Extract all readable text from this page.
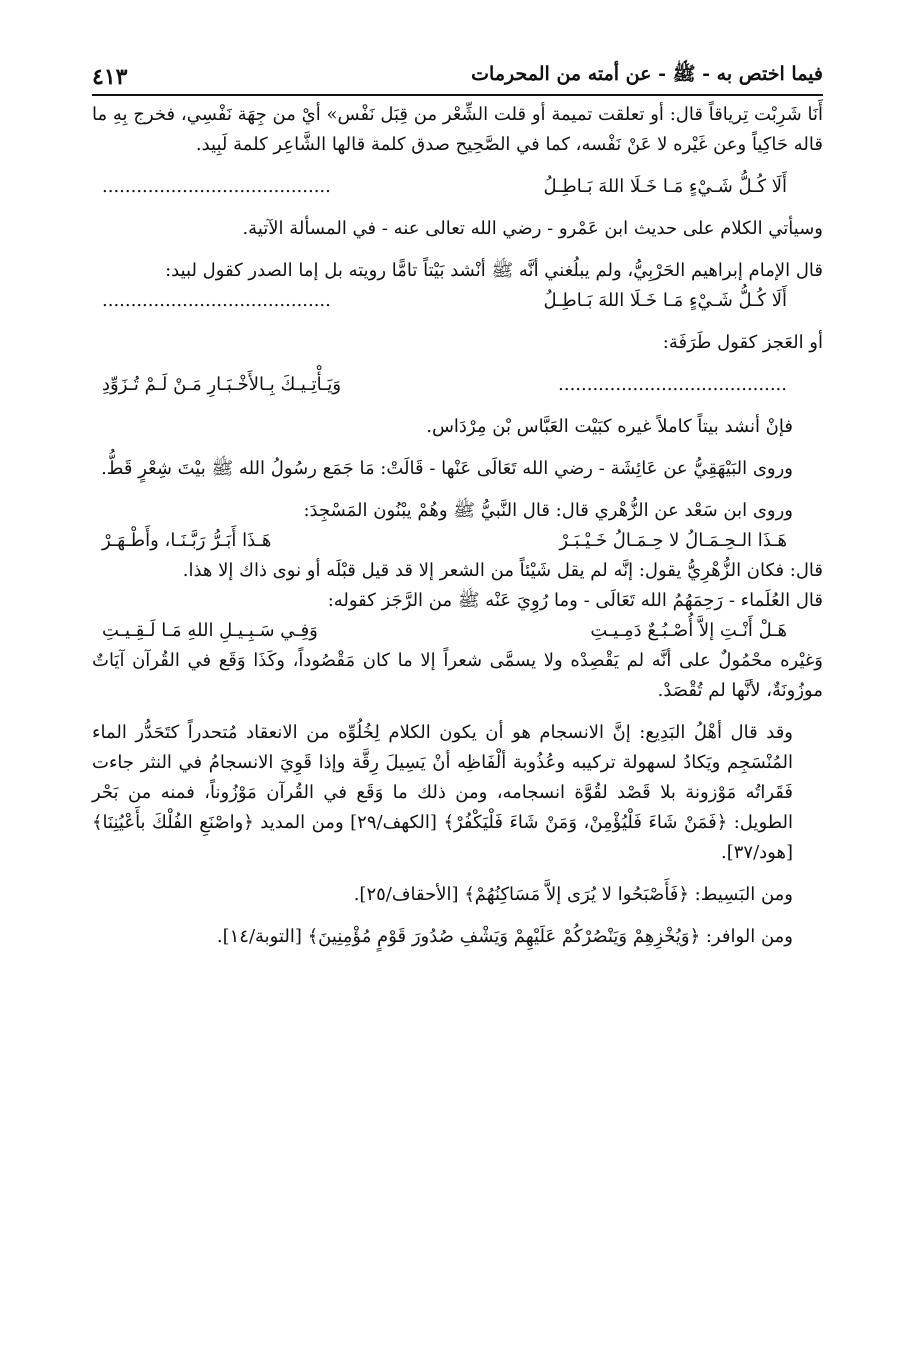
فيما اختص به - ﷺ - عن أمته من المحرمات
٤١٣

أَنَا شَرِبْت تِرياقاً قال: أو تعلقت تميمة أو قلت الشِّعْر من قِبَل نَفْس» أيْ من جِهَة نَفْسِي، فخرج بِهِ ما قاله حَاكِياً وعن غَيْره لا عَنْ نَفْسه، كما في الصَّحِيح صدق كلمة قالها الشَّاعِر كلمة لَبِيد.

أَلَا كُـلُّ شَـيْءٍ مَـا خَـلَا اللهَ بَـاطِـلُ
........................................

وسيأتي الكلام على حديث ابن عَمْرو - رضي الله تعالى عنه - في المسألة الآتية.

قال الإمام إبراهيم الحَرْبِيُّ، ولم يبلُغني أنَّه ﷺ أنْشد بَيْتاً تامًّا رويته بل إما الصدر كقول لبيد:

أَلَا كُـلُّ شَـيْءٍ مَـا خَـلَا اللهَ بَـاطِـلُ
........................................

أو العَجز كقول طَرَفَة:

........................................
وَيَـأْتِـيـكَ بِـالأَخْـبَـارِ مَـنْ لَـمْ تُـزَوِّدِ

فإنْ أنشد بيتاً كاملاً غيره كبَيْت العَبَّاس بْن مِرْدَاس.

وروى البَيْهَقِيُّ عن عَائِشَة - رضي الله تَعَالَى عَنْها - قَالَتْ: مَا جَمَع رسُولُ الله ﷺ بيْتَ شِعْرٍ قَطُّ.

وروى ابن سَعْد عن الزُّهْري قال: قال النَّبيُّ ﷺ وهُمْ يبْنُون المَسْجِدَ:

هَـذَا الـحِـمَـالُ لا حِـمَـالُ خَـيْـبَـرْ
هَـذَا أَبَـرُّ رَبَّـنَـا، وأَطْـهَـرْ

قال: فكان الزُّهْرِيُّ يقول: إنَّه لم يقل شَيْئاً من الشعر إلا قد قيل قبْلَه أو نوى ذاك إلا هذا.

قال العُلَماء - رَحِمَهُمُ الله تَعَالَى - وما رُوِيَ عَنْه ﷺ من الرَّجَز كقوله:

هَـلْ أَنْـتِ إلاَّ أُصْـبُـعٌ دَمِـيـتِ
وَفِـي سَـبِـيـلِ اللهِ مَـا لَـقِـيـتِ

وَغيْره محْمُولٌ على أنَّه لم يَقْصِدْه ولا يسمَّى شعراً إلا ما كان مَقْصُوداً، وكَذَا وَقَع في القُرآن آيَاتٌ موزُونَةٌ، لأنَّها لم تُقْصَدْ.

وقد قال أهْلُ البَدِيع: إنَّ الانسجام هو أن يكون الكلام لِخُلُوِّه من الانعقاد مُتحدراً كتَحَدُّر الماء المُنْسَجِم ويَكادُ لسهولة تركيبه وعُذُوبة ألْفَاظِه أنْ يَسِيلَ رِقَّة وإذا قَوِيَ الانسجامُ في النثر جاءت فَقَراتُه مَوْزونة بلا قَصْد لقُوَّة انسجامه، ومن ذلك ما وَقَع في القُرآن مَوْزُوناً، فمنه من بَحْر الطويل: ﴿فَمَنْ شَاءَ فَلْيُؤْمِنْ، وَمَنْ شَاءَ فَلْيَكْفُرْ﴾ [الكهف/٢٩] ومن المديد ﴿واصْنَعِ الفُلْكَ بأَعْيُنِنَا﴾ [هود/٣٧].

ومن البَسِيط: ﴿فَأَصْبَحُوا لا يُرَى إلاَّ مَسَاكِنُهُمْ﴾ [الأحقاف/٢٥].

ومن الوافر: ﴿وَيُخْزِهِمْ وَيَنْصُرْكُمْ عَلَيْهِمْ وَيَشْفِ صُدُورَ قَوْمٍ مُؤْمِنِينَ﴾ [التوبة/١٤].
